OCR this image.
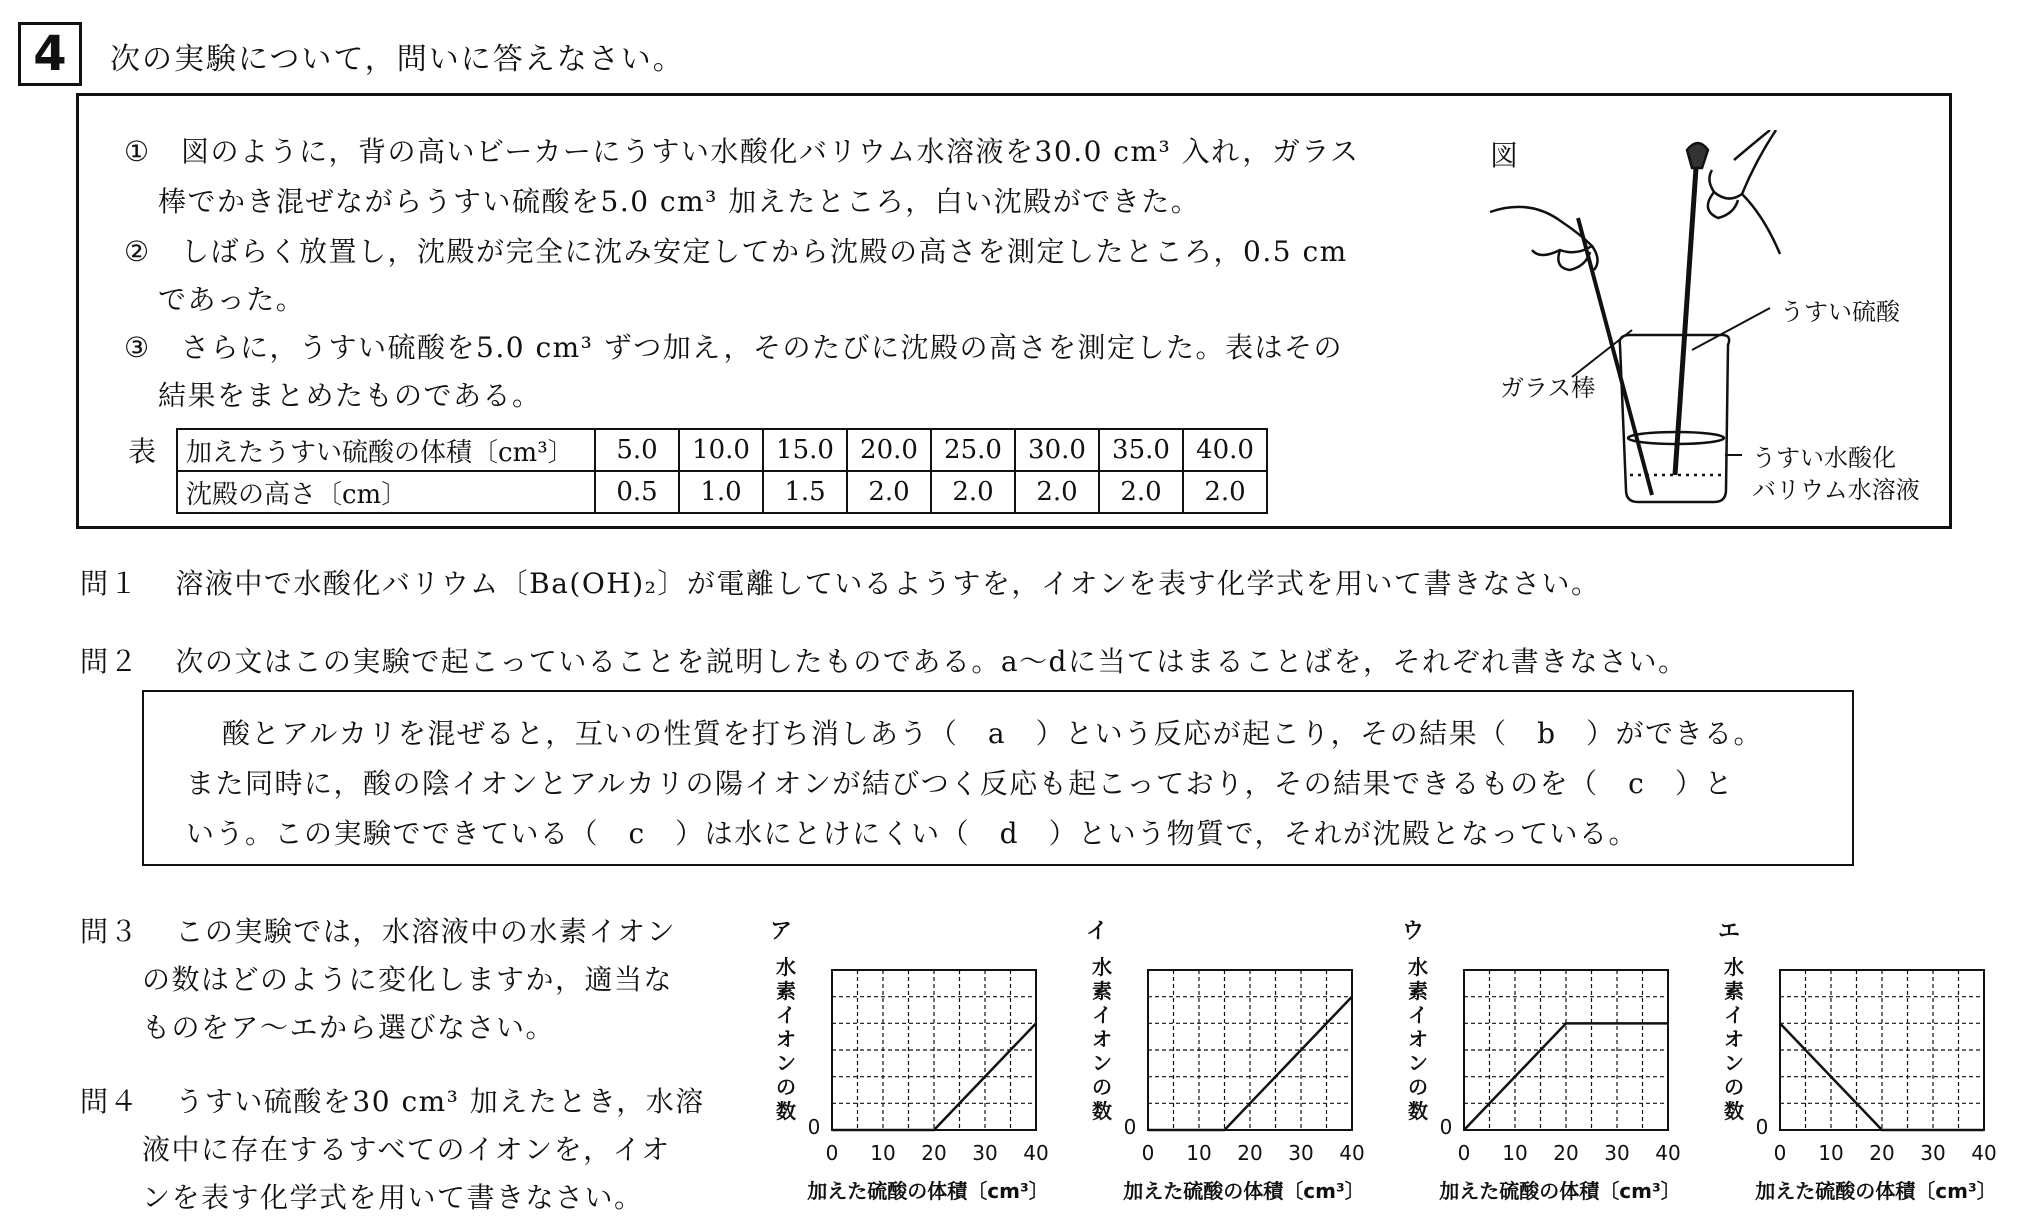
4	次の実験について，問いに答えなさい。
① 図のように，背の高いビーカーにうすい水酸化バリウム水溶液を30.0 cm³ 入れ，ガラス
棒でかき混ぜながらうすい硫酸を5.0 cm³ 加えたところ，白い沈殿ができた。
② しばらく放置し，沈殿が完全に沈み安定してから沈殿の高さを測定したところ，0.5 cm
であった。
③ さらに，うすい硫酸を5.0 cm³ ずつ加え，そのたびに沈殿の高さを測定した。表はその
結果をまとめたものである。
表 加えたうすい硫酸の体積〔cm³〕	5.0	10.0	15.0	20.0	25.0	30.0	35.0	40.0
沈殿の高さ〔cm〕	0.5	1.0	1.5	2.0	2.0	2.0	2.0	2.0
図
うすい硫酸
ガラス棒
うすい水酸化
バリウム水溶液
問１ 溶液中で水酸化バリウム〔Ba(OH)₂〕が電離しているようすを，イオンを表す化学式を用いて書きなさい。
問２ 次の文はこの実験で起こっていることを説明したものである。a～dに当てはまることばを，それぞれ書きなさい。
酸とアルカリを混ぜると，互いの性質を打ち消しあう（　a　）という反応が起こり，その結果（　b　）ができる。
また同時に，酸の陰イオンとアルカリの陽イオンが結びつく反応も起こっており，その結果できるものを（　c　）と
いう。この実験でできている（　c　）は水にとけにくい（　d　）という物質で，それが沈殿となっている。
問３ この実験では，水溶液中の水素イオン
の数はどのように変化しますか，適当な
ものをア～エから選びなさい。
問４ うすい硫酸を30 cm³ 加えたとき，水溶
液中に存在するすべてのイオンを，イオ
ンを表す化学式を用いて書きなさい。
ア
0 10 20 30 40
0
水
素
イ
オ
ン
の
数
加えた硫酸の体積〔cm³〕
イ
0 10 20 30 40
0
水
素
イ
オ
ン
の
数
加えた硫酸の体積〔cm³〕
ウ
0 10 20 30 40
0
水
素
イ
オ
ン
の
数
加えた硫酸の体積〔cm³〕
エ
0 10 20 30 40
0
水
素
イ
オ
ン
の
数
加えた硫酸の体積〔cm³〕
